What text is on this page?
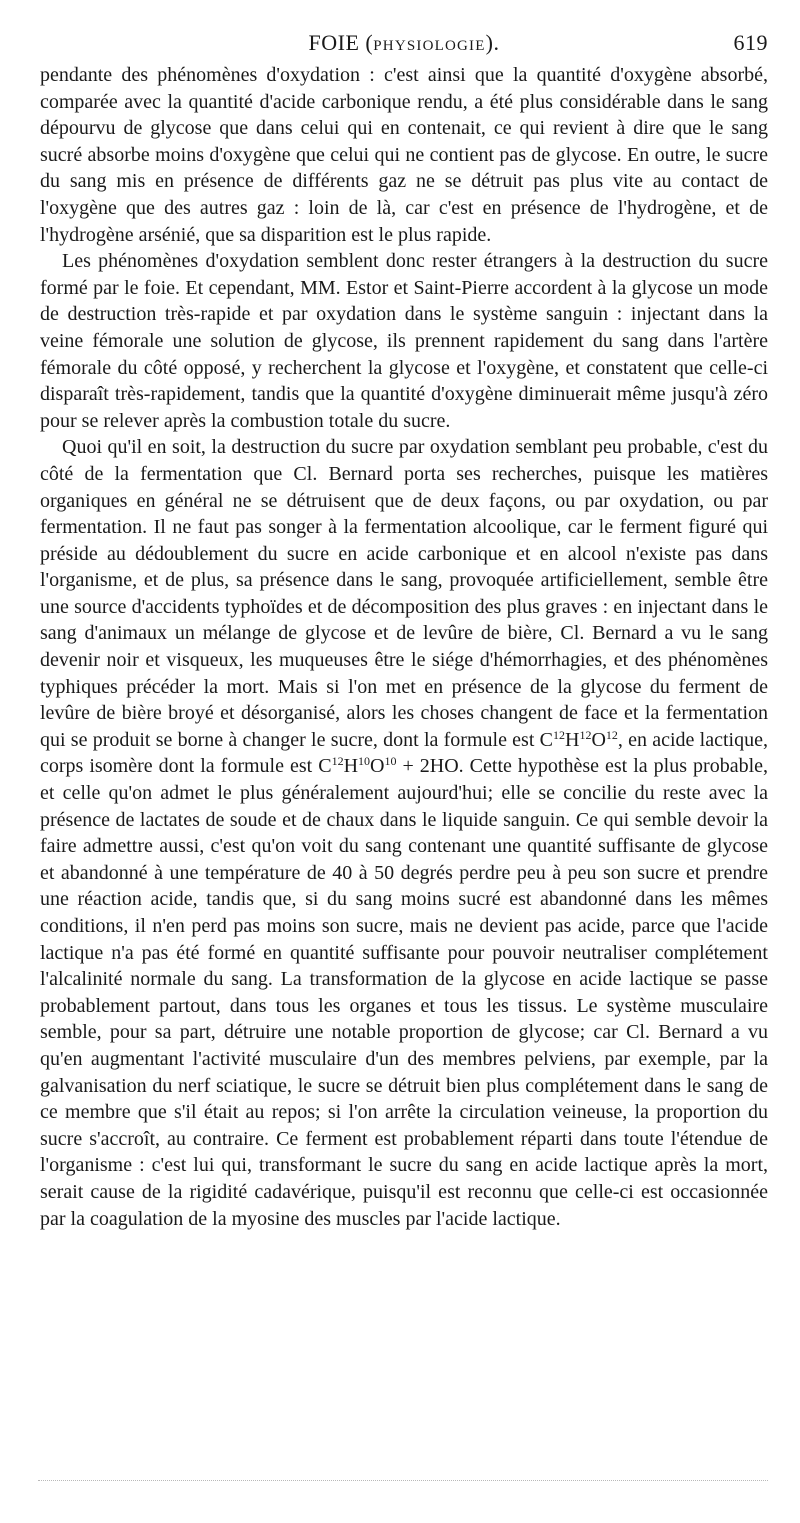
FOIE (PHYSIOLOGIE).	619

pendante des phénomènes d'oxydation : c'est ainsi que la quantité d'oxygène absorbé, comparée avec la quantité d'acide carbonique rendu, a été plus considérable dans le sang dépourvu de glycose que dans celui qui en contenait, ce qui revient à dire que le sang sucré absorbe moins d'oxygène que celui qui ne contient pas de glycose. En outre, le sucre du sang mis en présence de différents gaz ne se détruit pas plus vite au contact de l'oxygène que des autres gaz : loin de là, car c'est en présence de l'hydrogène, et de l'hydrogène arsénié, que sa disparition est le plus rapide.

Les phénomènes d'oxydation semblent donc rester étrangers à la destruction du sucre formé par le foie. Et cependant, MM. Estor et Saint-Pierre accordent à la glycose un mode de destruction très-rapide et par oxydation dans le système sanguin : injectant dans la veine fémorale une solution de glycose, ils prennent rapidement du sang dans l'artère fémorale du côté opposé, y recherchent la glycose et l'oxygène, et constatent que celle-ci disparaît très-rapidement, tandis que la quantité d'oxygène diminuerait même jusqu'à zéro pour se relever après la combustion totale du sucre.

Quoi qu'il en soit, la destruction du sucre par oxydation semblant peu probable, c'est du côté de la fermentation que Cl. Bernard porta ses recherches, puisque les matières organiques en général ne se détruisent que de deux façons, ou par oxydation, ou par fermentation. Il ne faut pas songer à la fermentation alcoolique, car le ferment figuré qui préside au dédoublement du sucre en acide carbonique et en alcool n'existe pas dans l'organisme, et de plus, sa présence dans le sang, provoquée artificiellement, semble être une source d'accidents typhoïdes et de décomposition des plus graves : en injectant dans le sang d'animaux un mélange de glycose et de levûre de bière, Cl. Bernard a vu le sang devenir noir et visqueux, les muqueuses être le siége d'hémorrhagies, et des phénomènes typhiques précéder la mort. Mais si l'on met en présence de la glycose du ferment de levûre de bière broyé et désorganisé, alors les choses changent de face et la fermentation qui se produit se borne à changer le sucre, dont la formule est $C^{12}H^{12}O^{12}$, en acide lactique, corps isomère dont la formule est $C^{12}H^{10}O^{10} + 2HO$. Cette hypothèse est la plus probable, et celle qu'on admet le plus généralement aujourd'hui; elle se concilie du reste avec la présence de lactates de soude et de chaux dans le liquide sanguin. Ce qui semble devoir la faire admettre aussi, c'est qu'on voit du sang contenant une quantité suffisante de glycose et abandonné à une température de 40 à 50 degrés perdre peu à peu son sucre et prendre une réaction acide, tandis que, si du sang moins sucré est abandonné dans les mêmes conditions, il n'en perd pas moins son sucre, mais ne devient pas acide, parce que l'acide lactique n'a pas été formé en quantité suffisante pour pouvoir neutraliser complétement l'alcalinité normale du sang. La transformation de la glycose en acide lactique se passe probablement partout, dans tous les organes et tous les tissus. Le système musculaire semble, pour sa part, détruire une notable proportion de glycose; car Cl. Bernard a vu qu'en augmentant l'activité musculaire d'un des membres pelviens, par exemple, par la galvanisation du nerf sciatique, le sucre se détruit bien plus complétement dans le sang de ce membre que s'il était au repos; si l'on arrête la circulation veineuse, la proportion du sucre s'accroît, au contraire. Ce ferment est probablement réparti dans toute l'étendue de l'organisme : c'est lui qui, transformant le sucre du sang en acide lactique après la mort, serait cause de la rigidité cadavérique, puisqu'il est reconnu que celle-ci est occasionnée par la coagulation de la myosine des muscles par l'acide lactique.
